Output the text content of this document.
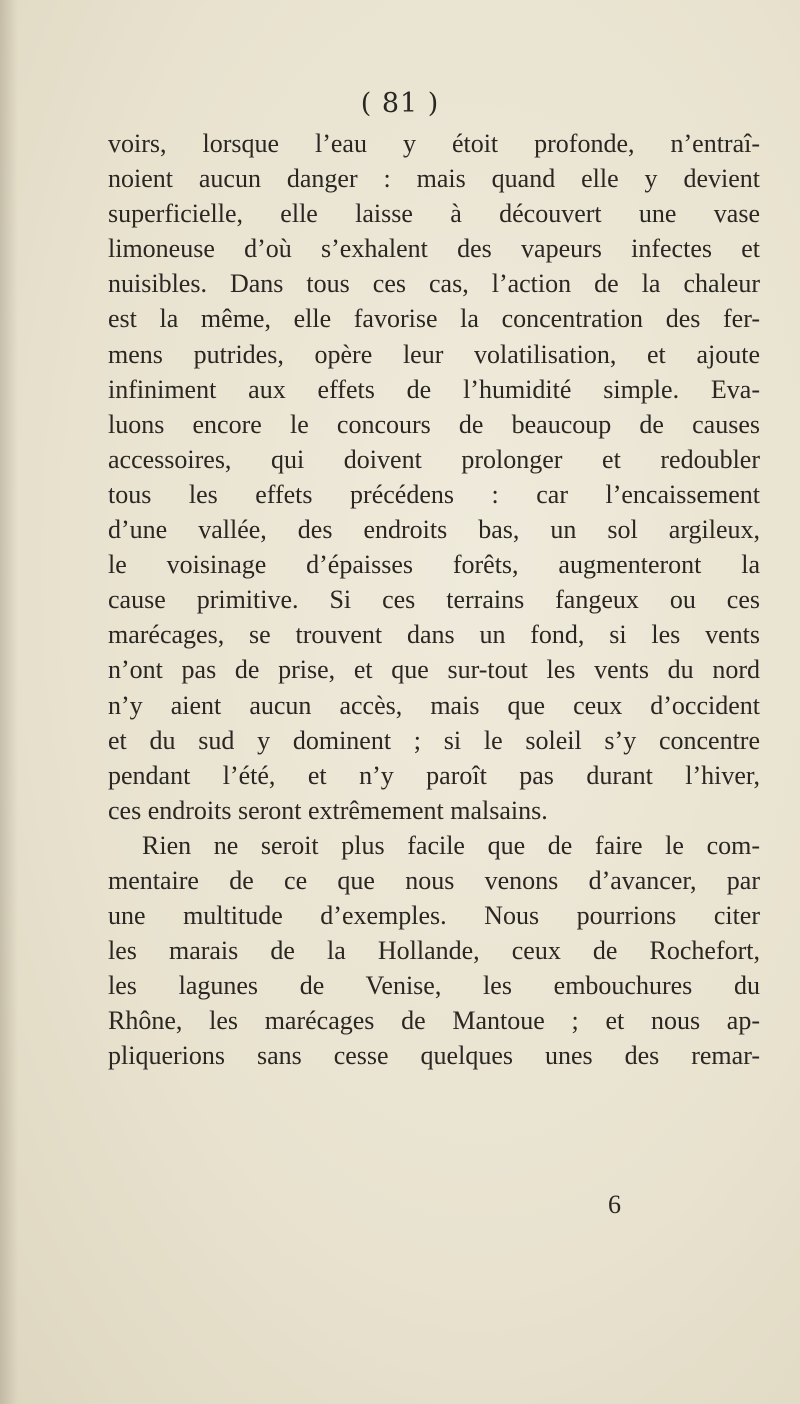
( 81 )
voirs, lorsque l’eau y étoit profonde, n’entraî-
noient aucun danger : mais quand elle y devient
superficielle, elle laisse à découvert une vase
limoneuse d’où s’exhalent des vapeurs infectes et
nuisibles. Dans tous ces cas, l’action de la chaleur
est la même, elle favorise la concentration des fer-
mens putrides, opère leur volatilisation, et ajoute
infiniment aux effets de l’humidité simple. Eva-
luons encore le concours de beaucoup de causes
accessoires, qui doivent prolonger et redoubler
tous les effets précédens : car l’encaissement
d’une vallée, des endroits bas, un sol argileux,
le voisinage d’épaisses forêts, augmenteront la
cause primitive. Si ces terrains fangeux ou ces
marécages, se trouvent dans un fond, si les vents
n’ont pas de prise, et que sur-tout les vents du nord
n’y aient aucun accès, mais que ceux d’occident
et du sud y dominent ; si le soleil s’y concentre
pendant l’été, et n’y paroît pas durant l’hiver,
ces endroits seront extrêmement malsains.
Rien ne seroit plus facile que de faire le com-
mentaire de ce que nous venons d’avancer, par
une multitude d’exemples. Nous pourrions citer
les marais de la Hollande, ceux de Rochefort,
les lagunes de Venise, les embouchures du
Rhône, les marécages de Mantoue ; et nous ap-
pliquerions sans cesse quelques unes des remar-
6
